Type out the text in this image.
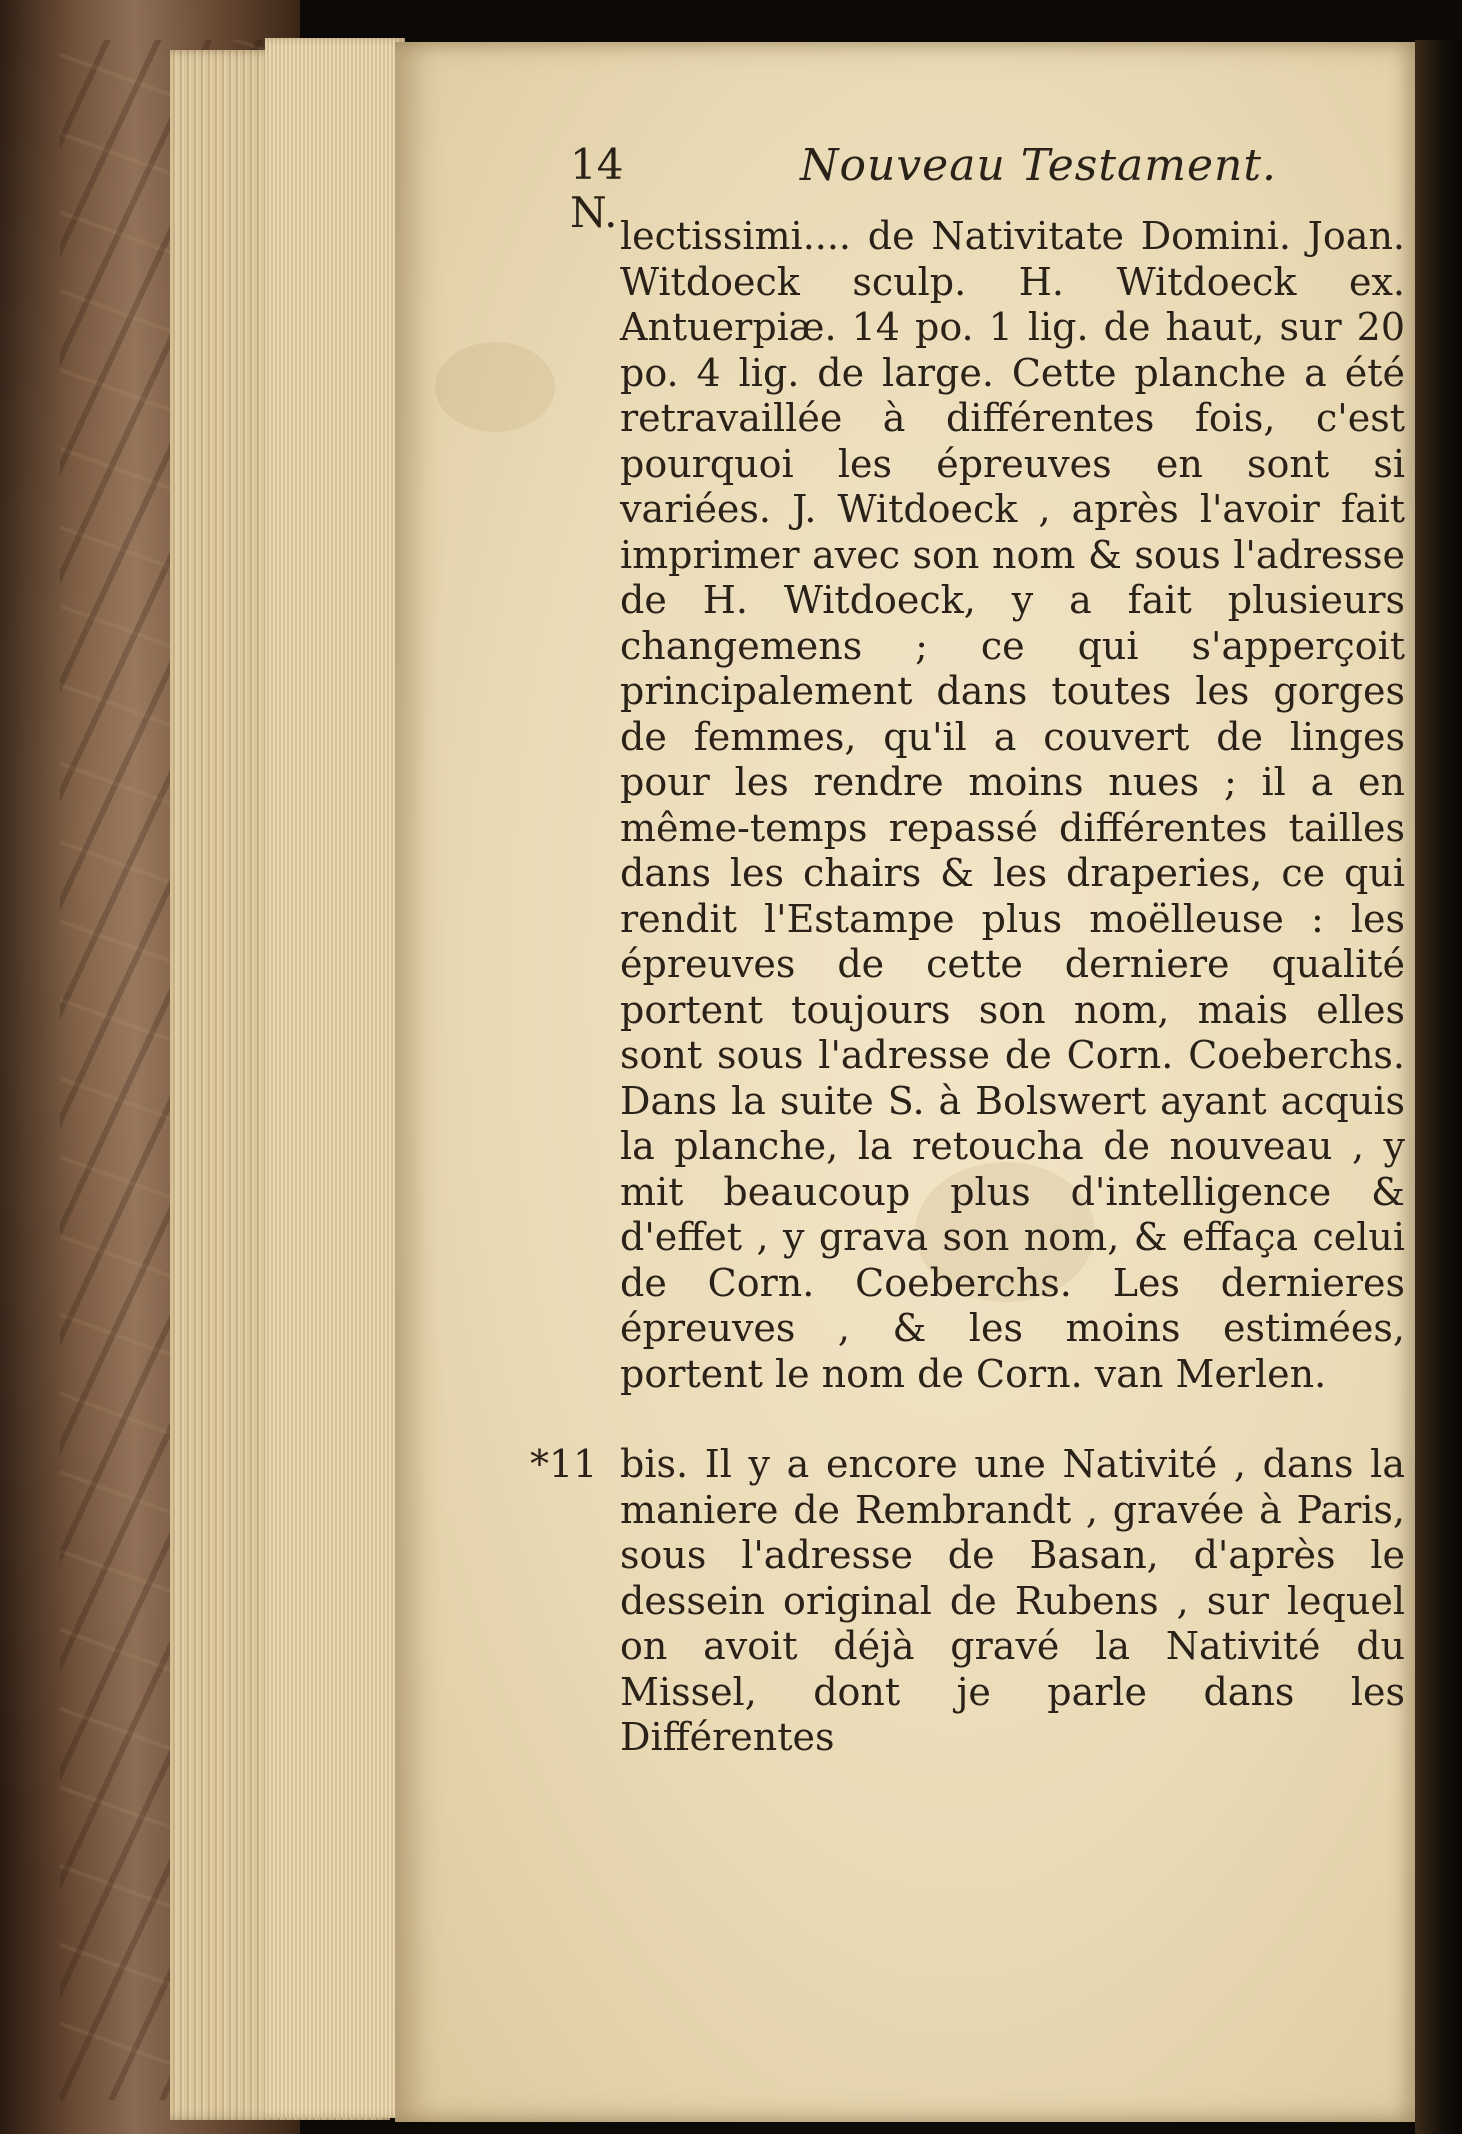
14
N.
Nouveau Testament.

lectissimi.... de Nativitate Domini. Joan. Witdoeck sculp. H. Witdoeck ex. Antuerpiæ. 14 po. 1 lig. de haut, sur 20 po. 4 lig. de large. Cette planche a été retravaillée à différentes fois, c'est pourquoi les épreuves en sont si variées. J. Witdoeck , après l'avoir fait imprimer avec son nom & sous l'adresse de H. Witdoeck, y a fait plusieurs changemens ; ce qui s'apperçoit principalement dans toutes les gorges de femmes, qu'il a couvert de linges pour les rendre moins nues ; il a en même-temps repassé différentes tailles dans les chairs & les draperies, ce qui rendit l'Estampe plus moëlleuse : les épreuves de cette derniere qualité portent toujours son nom, mais elles sont sous l'adresse de Corn. Coeberchs. Dans la suite S. à Bolswert ayant acquis la planche, la retoucha de nouveau , y mit beaucoup plus d'intelligence & d'effet , y grava son nom, & effaça celui de Corn. Coeberchs. Les dernieres épreuves , & les moins estimées, portent le nom de Corn. van Merlen.

*11 bis. Il y a encore une Nativité , dans la maniere de Rembrandt , gravée à Paris, sous l'adresse de Basan, d'après le dessein original de Rubens , sur lequel on avoit déjà gravé la Nativité du Missel, dont je parle dans les Différentes
